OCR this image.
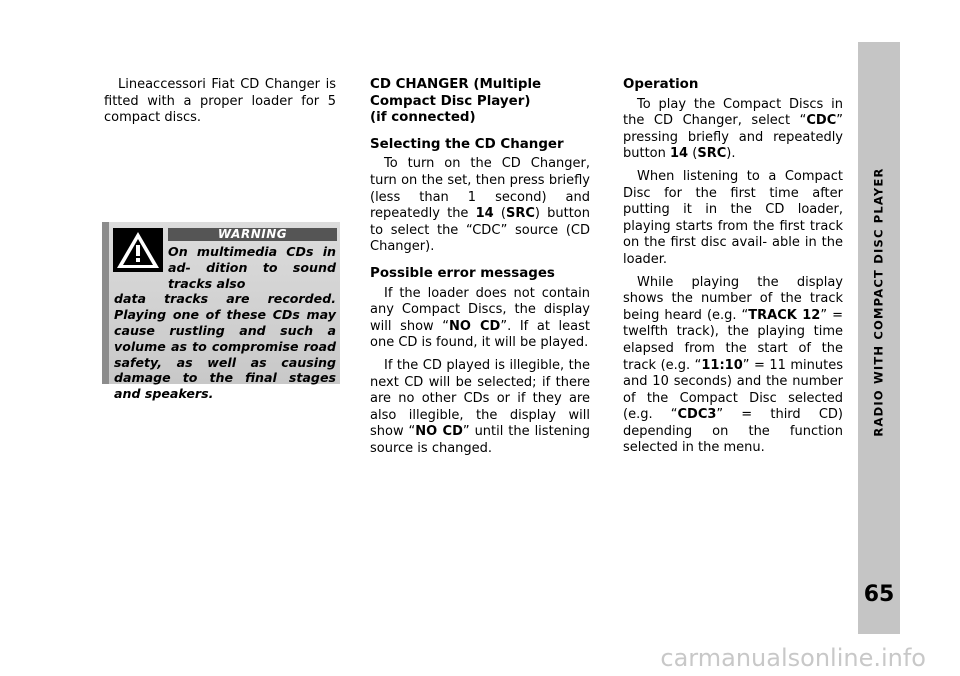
Lineaccessori Fiat CD Changer is fitted with a proper loader for 5 compact discs.

WARNING
On multimedia CDs in ad- dition to sound tracks also
data tracks are recorded. Playing one of these CDs may cause rustling and such a volume as to compromise road safety, as well as causing damage to the final stages and speakers.
CD CHANGER (Multiple
Compact Disc Player)
(if connected)
Selecting the CD Changer

To turn on the CD Changer, turn on the set, then press briefly (less than 1 second) and repeatedly the 14 (SRC) button to select the “CDC” source (CD Changer).

Possible error messages

If the loader does not contain any Compact Discs, the display will show “NO CD”. If at least one CD is found, it will be played.

If the CD played is illegible, the next CD will be selected; if there are no other CDs or if they are also illegible, the display will show “NO CD” until the listening source is changed.

Operation

To play the Compact Discs in the CD Changer, select “CDC” pressing briefly and repeatedly button 14 (SRC).

When listening to a Compact Disc for the first time after putting it in the CD loader, playing starts from the first track on the first disc avail- able in the loader.

While playing the display shows the number of the track being heard (e.g. “TRACK 12” = twelfth track), the playing time elapsed from the start of the track (e.g. “11:10” = 11 minutes and 10 seconds) and the number of the Compact Disc selected (e.g. “CDC3” = third CD) depending on the function selected in the menu.

RADIO WITH COMPACT DISC PLAYER
65
carmanualsonline.info
